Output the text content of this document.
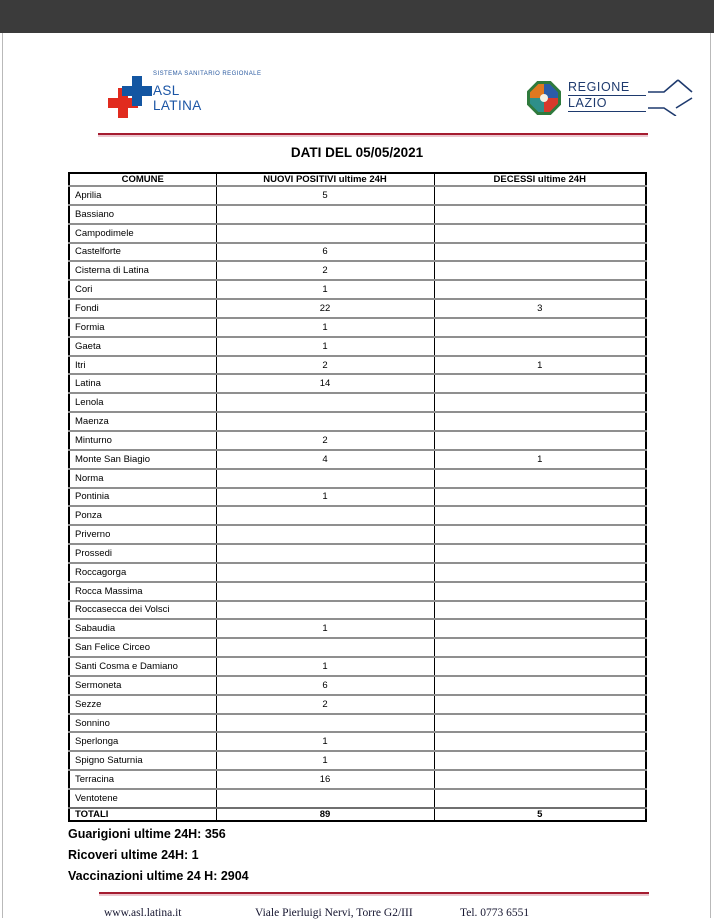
SISTEMA SANITARIO REGIONALE
ASL
LATINA
REGIONE
LAZIO
DATI DEL 05/05/2021
COMUNE	NUOVI POSITIVI ultime 24H	DECESSI ultime 24H
Aprilia	5	
Bassiano		
Campodimele		
Castelforte	6	
Cisterna di Latina	2	
Cori	1	
Fondi	22	3
Formia	1	
Gaeta	1	
Itri	2	1
Latina	14	
Lenola		
Maenza		
Minturno	2	
Monte San Biagio	4	1
Norma		
Pontinia	1	
Ponza		
Priverno		
Prossedi		
Roccagorga		
Rocca Massima		
Roccasecca dei Volsci		
Sabaudia	1	
San Felice Circeo		
Santi Cosma e Damiano	1	
Sermoneta	6	
Sezze	2	
Sonnino		
Sperlonga	1	
Spigno Saturnia	1	
Terracina	16	
Ventotene		
TOTALI	89	5
Guarigioni ultime 24H: 356
Ricoveri ultime 24H: 1
Vaccinazioni ultime 24 H: 2904
www.asl.latina.it	Viale Pierluigi Nervi, Torre G2/III	Tel. 0773 6551
